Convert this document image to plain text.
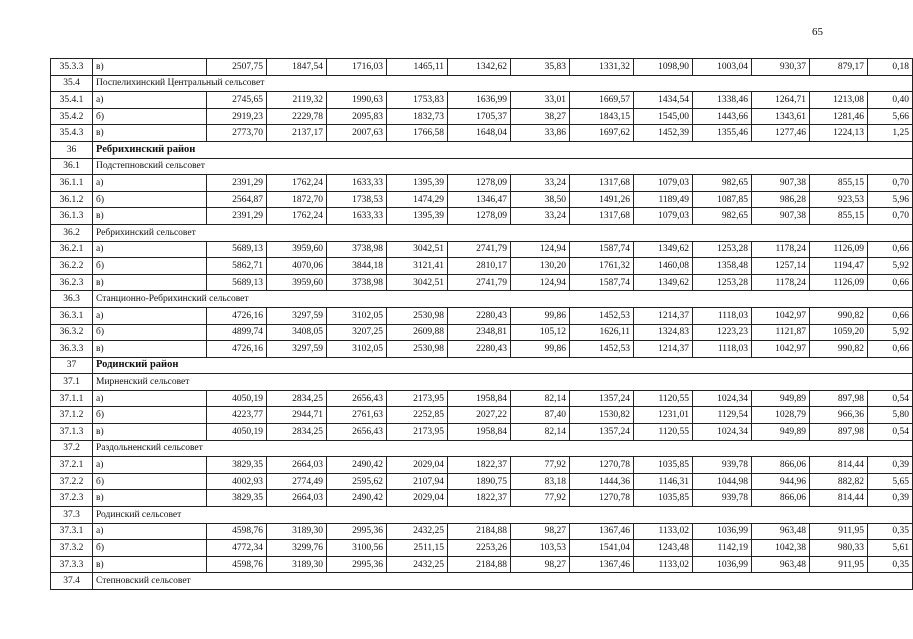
65
35.3.3	в)	2507,75	1847,54	1716,03	1465,11	1342,62	35,83	1331,32	1098,90	1003,04	930,37	879,17	0,18
35.4	Поспелихинский Центральный сельсовет												
35.4.1	а)	2745,65	2119,32	1990,63	1753,83	1636,99	33,01	1669,57	1434,54	1338,46	1264,71	1213,08	0,40
35.4.2	б)	2919,23	2229,78	2095,83	1832,73	1705,37	38,27	1843,15	1545,00	1443,66	1343,61	1281,46	5,66
35.4.3	в)	2773,70	2137,17	2007,63	1766,58	1648,04	33,86	1697,62	1452,39	1355,46	1277,46	1224,13	1,25
36	Ребрихинский район												
36.1	Подстепновский сельсовет												
36.1.1	а)	2391,29	1762,24	1633,33	1395,39	1278,09	33,24	1317,68	1079,03	982,65	907,38	855,15	0,70
36.1.2	б)	2564,87	1872,70	1738,53	1474,29	1346,47	38,50	1491,26	1189,49	1087,85	986,28	923,53	5,96
36.1.3	в)	2391,29	1762,24	1633,33	1395,39	1278,09	33,24	1317,68	1079,03	982,65	907,38	855,15	0,70
36.2	Ребрихинский сельсовет												
36.2.1	а)	5689,13	3959,60	3738,98	3042,51	2741,79	124,94	1587,74	1349,62	1253,28	1178,24	1126,09	0,66
36.2.2	б)	5862,71	4070,06	3844,18	3121,41	2810,17	130,20	1761,32	1460,08	1358,48	1257,14	1194,47	5,92
36.2.3	в)	5689,13	3959,60	3738,98	3042,51	2741,79	124,94	1587,74	1349,62	1253,28	1178,24	1126,09	0,66
36.3	Станционно-Ребрихинский сельсовет												
36.3.1	а)	4726,16	3297,59	3102,05	2530,98	2280,43	99,86	1452,53	1214,37	1118,03	1042,97	990,82	0,66
36.3.2	б)	4899,74	3408,05	3207,25	2609,88	2348,81	105,12	1626,11	1324,83	1223,23	1121,87	1059,20	5,92
36.3.3	в)	4726,16	3297,59	3102,05	2530,98	2280,43	99,86	1452,53	1214,37	1118,03	1042,97	990,82	0,66
37	Родинский район												
37.1	Мирненский сельсовет												
37.1.1	а)	4050,19	2834,25	2656,43	2173,95	1958,84	82,14	1357,24	1120,55	1024,34	949,89	897,98	0,54
37.1.2	б)	4223,77	2944,71	2761,63	2252,85	2027,22	87,40	1530,82	1231,01	1129,54	1028,79	966,36	5,80
37.1.3	в)	4050,19	2834,25	2656,43	2173,95	1958,84	82,14	1357,24	1120,55	1024,34	949,89	897,98	0,54
37.2	Раздольненский сельсовет												
37.2.1	а)	3829,35	2664,03	2490,42	2029,04	1822,37	77,92	1270,78	1035,85	939,78	866,06	814,44	0,39
37.2.2	б)	4002,93	2774,49	2595,62	2107,94	1890,75	83,18	1444,36	1146,31	1044,98	944,96	882,82	5,65
37.2.3	в)	3829,35	2664,03	2490,42	2029,04	1822,37	77,92	1270,78	1035,85	939,78	866,06	814,44	0,39
37.3	Родинский сельсовет												
37.3.1	а)	4598,76	3189,30	2995,36	2432,25	2184,88	98,27	1367,46	1133,02	1036,99	963,48	911,95	0,35
37.3.2	б)	4772,34	3299,76	3100,56	2511,15	2253,26	103,53	1541,04	1243,48	1142,19	1042,38	980,33	5,61
37.3.3	в)	4598,76	3189,30	2995,36	2432,25	2184,88	98,27	1367,46	1133,02	1036,99	963,48	911,95	0,35
37.4	Степновский сельсовет												
